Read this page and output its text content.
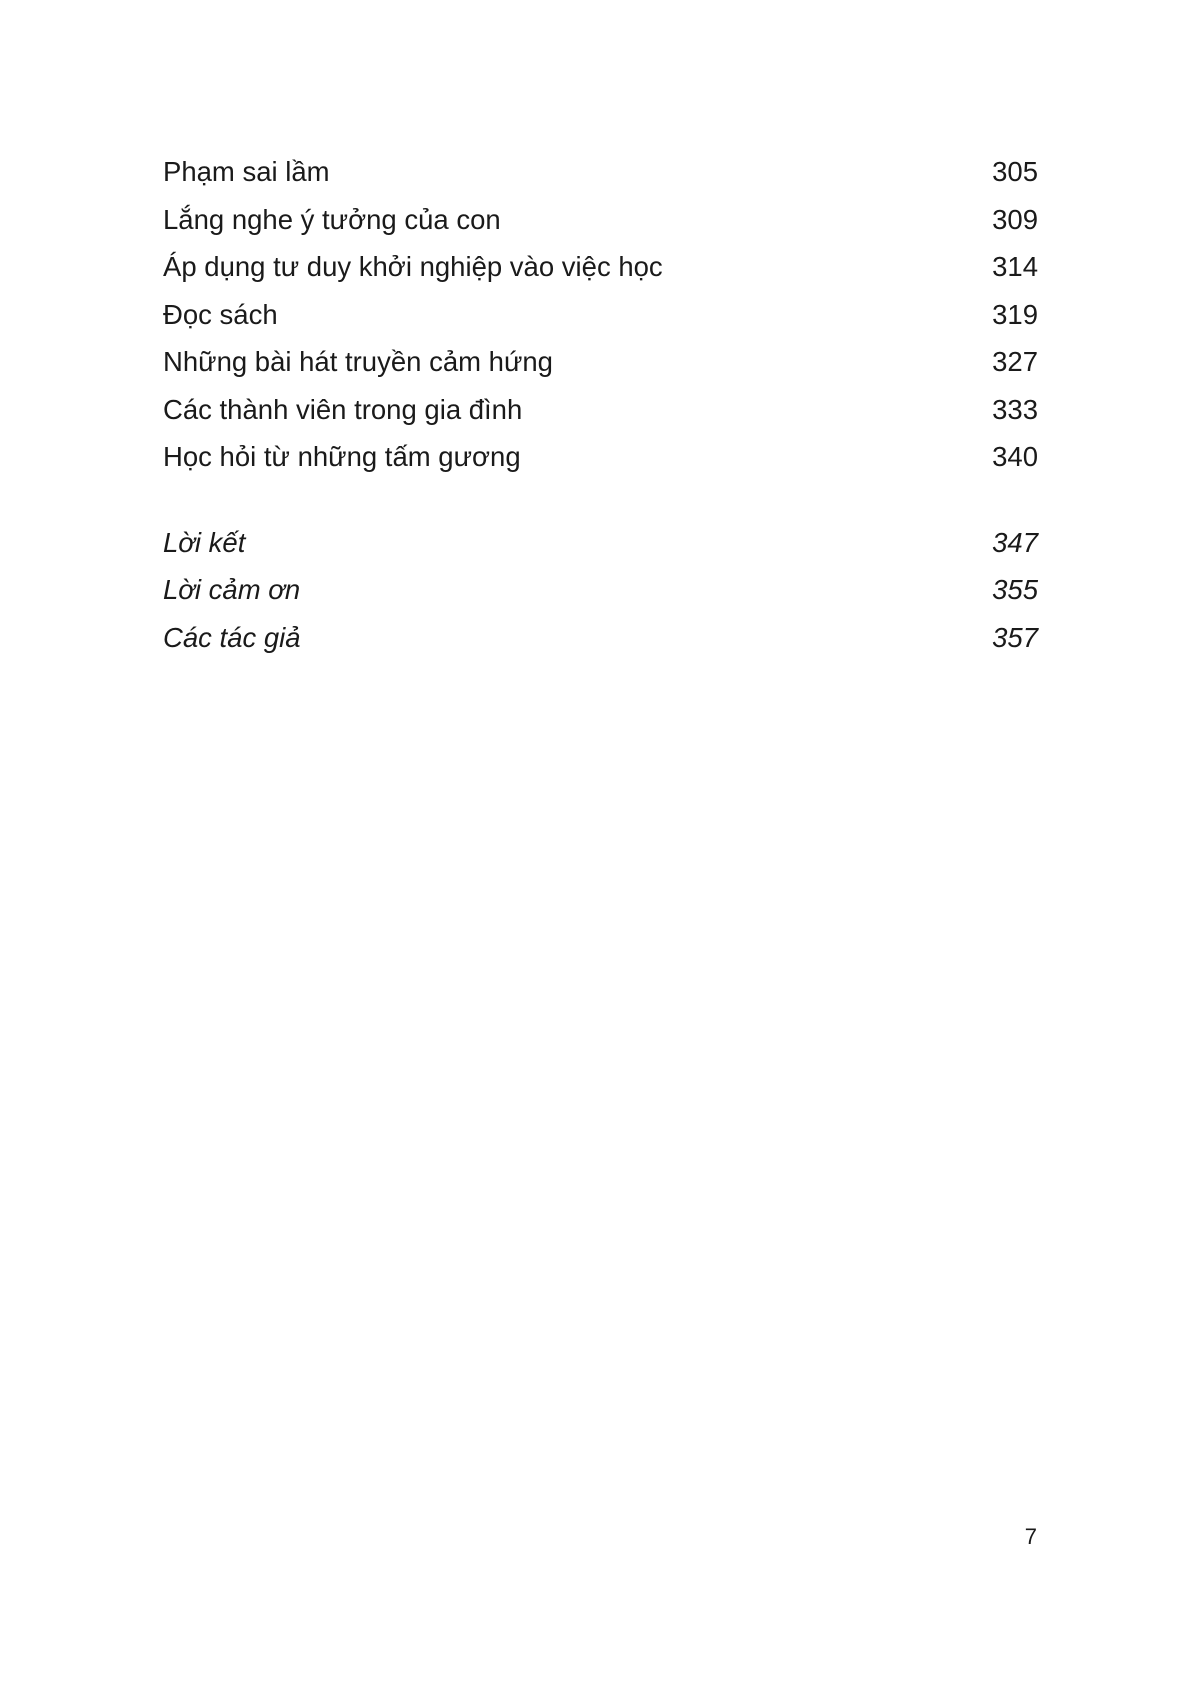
Phạm sai lầm	305
Lắng nghe ý tưởng của con	309
Áp dụng tư duy khởi nghiệp vào việc học	314
Đọc sách	319
Những bài hát truyền cảm hứng	327
Các thành viên trong gia đình	333
Học hỏi từ những tấm gương	340
Lời kết	347
Lời cảm ơn	355
Các tác giả	357
7
